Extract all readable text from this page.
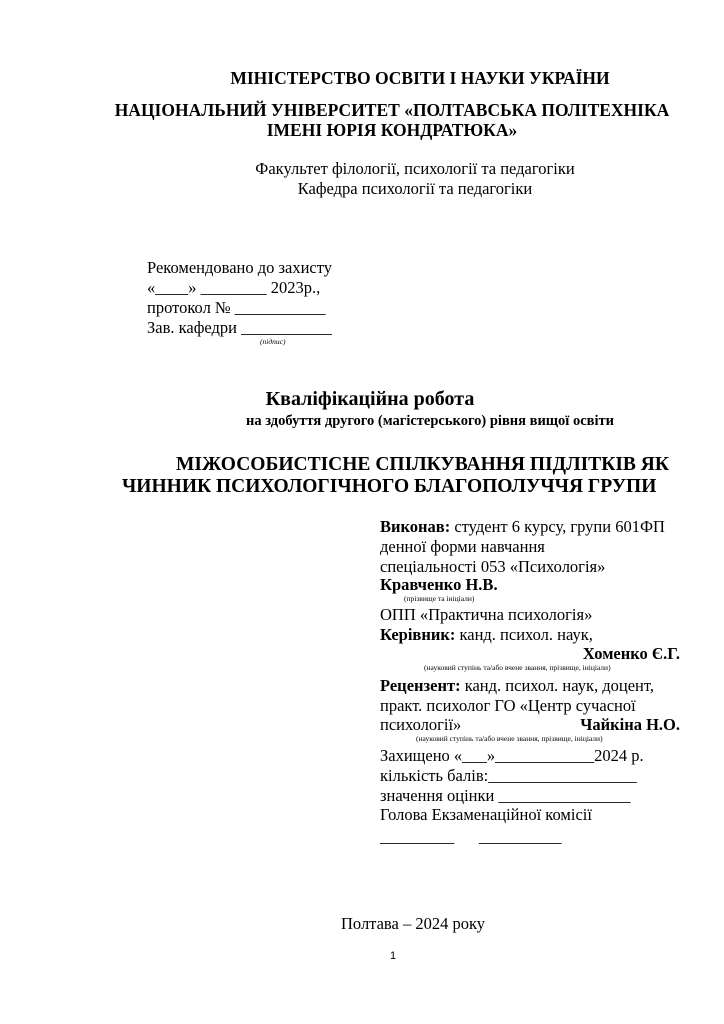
МІНІСТЕРСТВО ОСВІТИ І НАУКИ УКРАЇНИ
НАЦІОНАЛЬНИЙ УНІВЕРСИТЕТ «ПОЛТАВСЬКА ПОЛІТЕХНІКА
ІМЕНІ ЮРІЯ КОНДРАТЮКА»
Факультет філології, психології та педагогіки
Кафедра психології та педагогіки
Рекомендовано до захисту
«____» ________ 2023р.,
протокол № ___________
Зав. кафедри ___________
(підпис)
Кваліфікаційна робота
на здобуття другого (магістерського) рівня вищої освіти
МІЖОСОБИСТІСНЕ СПІЛКУВАННЯ ПІДЛІТКІВ ЯК
ЧИННИК ПСИХОЛОГІЧНОГО БЛАГОПОЛУЧЧЯ ГРУПИ
Виконав: студент 6 курсу, групи 601ФП
денної форми навчання
спеціальності 053 «Психологія»
Кравченко Н.В.
(прізвище та ініціали)
ОПП «Практична психологія»
Керівник: канд. психол. наук,
Хоменко Є.Г.
(науковий ступінь та/або вчене звання, прізвище, ініціали)
Рецензент: канд. психол. наук, доцент,
практ. психолог ГО «Центр сучасної
психології»	Чайкіна Н.О.
(науковий ступінь та/або вчене звання, прізвище, ініціали)
Захищено «___»____________2024 р.
кількість балів:__________________
значення оцінки ________________
Голова Екзаменаційної комісії
_________      __________
Полтава – 2024 року
1
